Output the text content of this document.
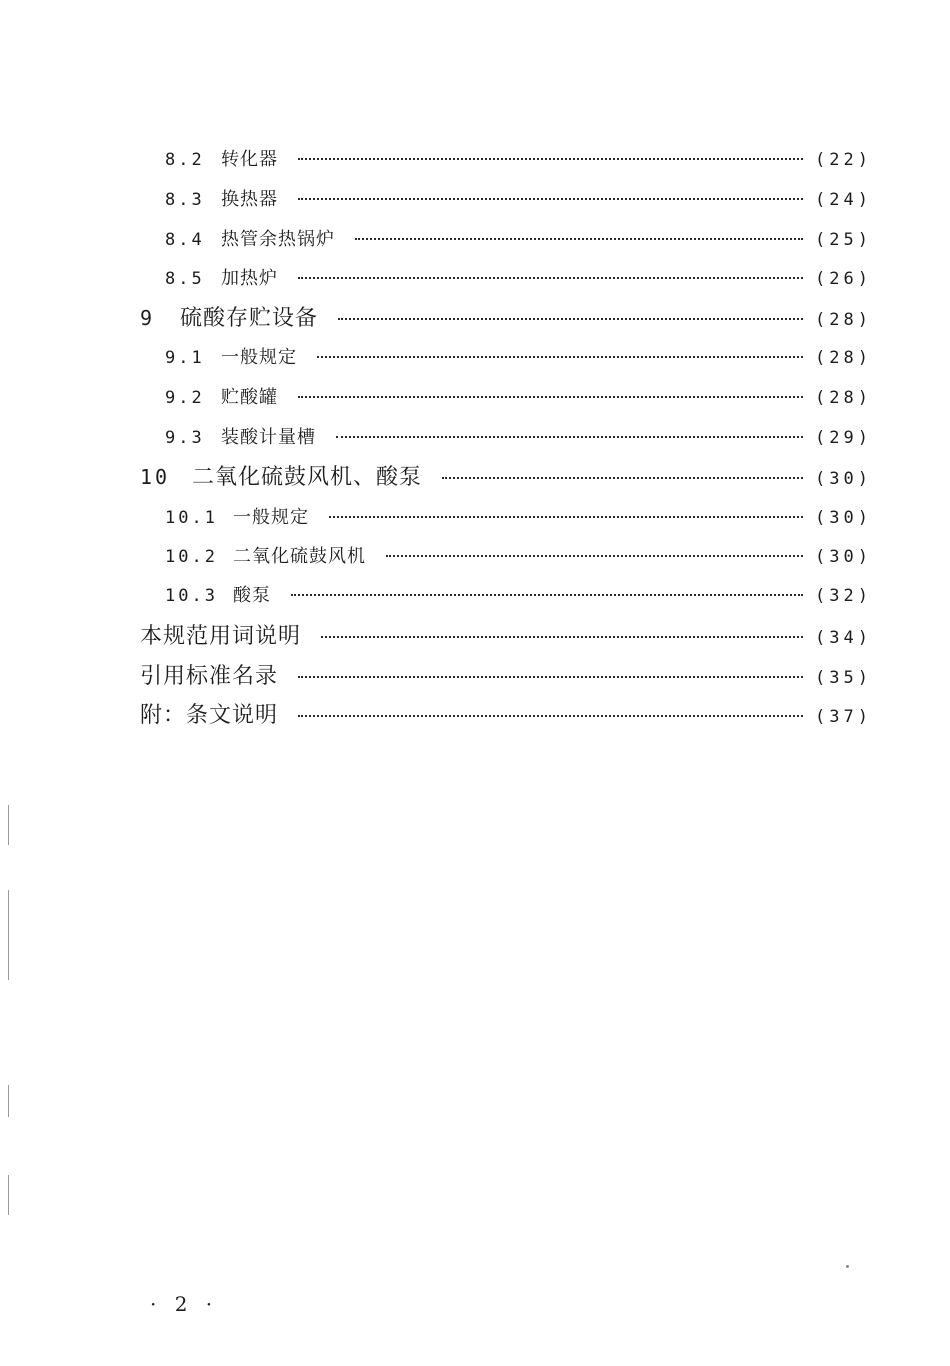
8.2 转化器	(22)
8.3 换热器	(24)
8.4 热管余热锅炉	(25)
8.5 加热炉	(26)
9	硫酸存贮设备	(28)
9.1 一般规定	(28)
9.2 贮酸罐	(28)
9.3 装酸计量槽	(29)
10 二氧化硫鼓风机、酸泵	(30)
10.1 一般规定	(30)
10.2 二氧化硫鼓风机	(30)
10.3 酸泵	(32)
本规范用词说明	(34)
引用标准名录	(35)
附：条文说明	(37)
· 2 ·
